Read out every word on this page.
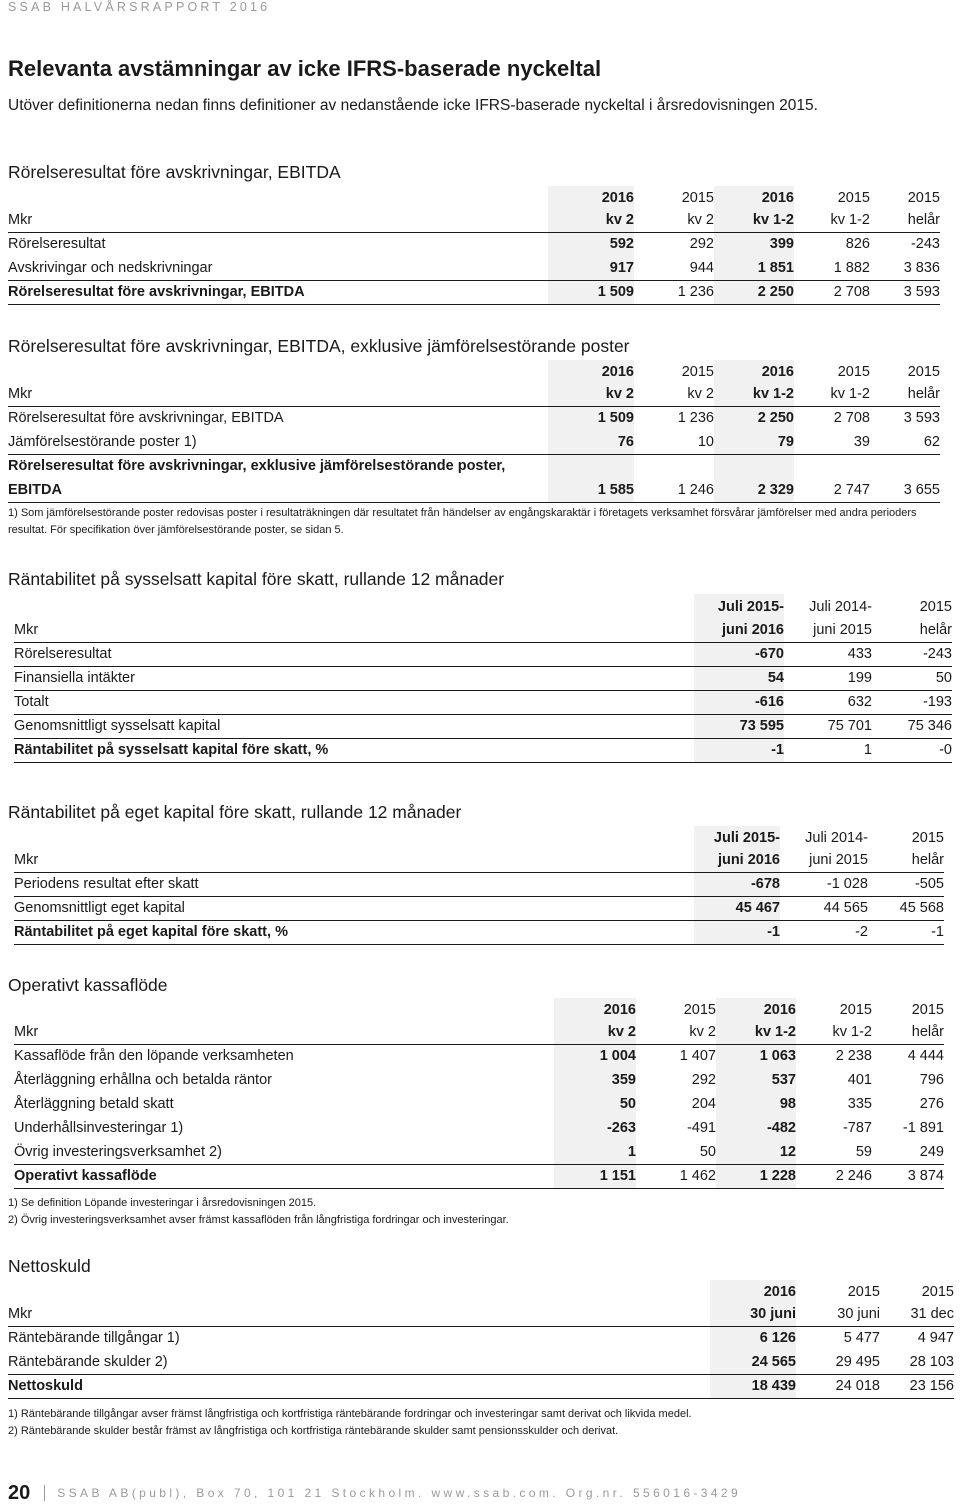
SSAB HALVÅRSRAPPORT 2016
Relevanta avstämningar av icke IFRS-baserade nyckeltal
Utöver definitionerna nedan finns definitioner av nedanstående icke IFRS-baserade nyckeltal i årsredovisningen 2015.
Rörelseresultat före avskrivningar, EBITDA
	2016	2015	2016	2015	2015
Mkr	kv 2	kv 2	kv 1-2	kv 1-2	helår
Rörelseresultat	592	292	399	826	-243
Avskrivingar och nedskrivningar	917	944	1 851	1 882	3 836
Rörelseresultat före avskrivningar, EBITDA	1 509	1 236	2 250	2 708	3 593
Rörelseresultat före avskrivningar, EBITDA, exklusive jämförelsestörande poster
	2016	2015	2016	2015	2015
Mkr	kv 2	kv 2	kv 1-2	kv 1-2	helår
Rörelseresultat före avskrivningar, EBITDA	1 509	1 236	2 250	2 708	3 593
Jämförelsestörande poster 1)	76	10	79	39	62
Rörelseresultat före avskrivningar, exklusive jämförelsestörande poster,					
EBITDA	1 585	1 246	2 329	2 747	3 655
1) Som jämförelsestörande poster redovisas poster i resultaträkningen där resultatet från händelser av engångskaraktär i företagets verksamhet försvårar jämförelser med andra perioders resultat. För specifikation över jämförelsestörande poster, se sidan 5.
Räntabilitet på sysselsatt kapital före skatt, rullande 12 månader
	Juli 2015-	Juli 2014-	2015
Mkr	juni 2016	juni 2015	helår
Rörelseresultat	-670	433	-243
Finansiella intäkter	54	199	50
Totalt	-616	632	-193
Genomsnittligt sysselsatt kapital	73 595	75 701	75 346
Räntabilitet på sysselsatt kapital före skatt, %	-1	1	-0
Räntabilitet på eget kapital före skatt, rullande 12 månader
	Juli 2015-	Juli 2014-	2015
Mkr	juni 2016	juni 2015	helår
Periodens resultat efter skatt	-678	-1 028	-505
Genomsnittligt eget kapital	45 467	44 565	45 568
Räntabilitet på eget kapital före skatt, %	-1	-2	-1
Operativt kassaflöde
	2016	2015	2016	2015	2015
Mkr	kv 2	kv 2	kv 1-2	kv 1-2	helår
Kassaflöde från den löpande verksamheten	1 004	1 407	1 063	2 238	4 444
Återläggning erhållna och betalda räntor	359	292	537	401	796
Återläggning betald skatt	50	204	98	335	276
Underhållsinvesteringar 1)	-263	-491	-482	-787	-1 891
Övrig investeringsverksamhet 2)	1	50	12	59	249
Operativt kassaflöde	1 151	1 462	1 228	2 246	3 874
1) Se definition Löpande investeringar i årsredovisningen 2015.
2) Övrig investeringsverksamhet avser främst kassaflöden från långfristiga fordringar och investeringar.
Nettoskuld
	2016	2015	2015
Mkr	30 juni	30 juni	31 dec
Räntebärande tillgångar 1)	6 126	5 477	4 947
Räntebärande skulder 2)	24 565	29 495	28 103
Nettoskuld	18 439	24 018	23 156
1) Räntebärande tillgångar avser främst långfristiga och kortfristiga räntebärande fordringar och investeringar samt derivat och likvida medel.
2) Räntebärande skulder består främst av långfristiga och kortfristiga räntebärande skulder samt pensionsskulder och derivat.
20 SSAB AB(publ), Box 70, 101 21 Stockholm. www.ssab.com. Org.nr. 556016-3429
